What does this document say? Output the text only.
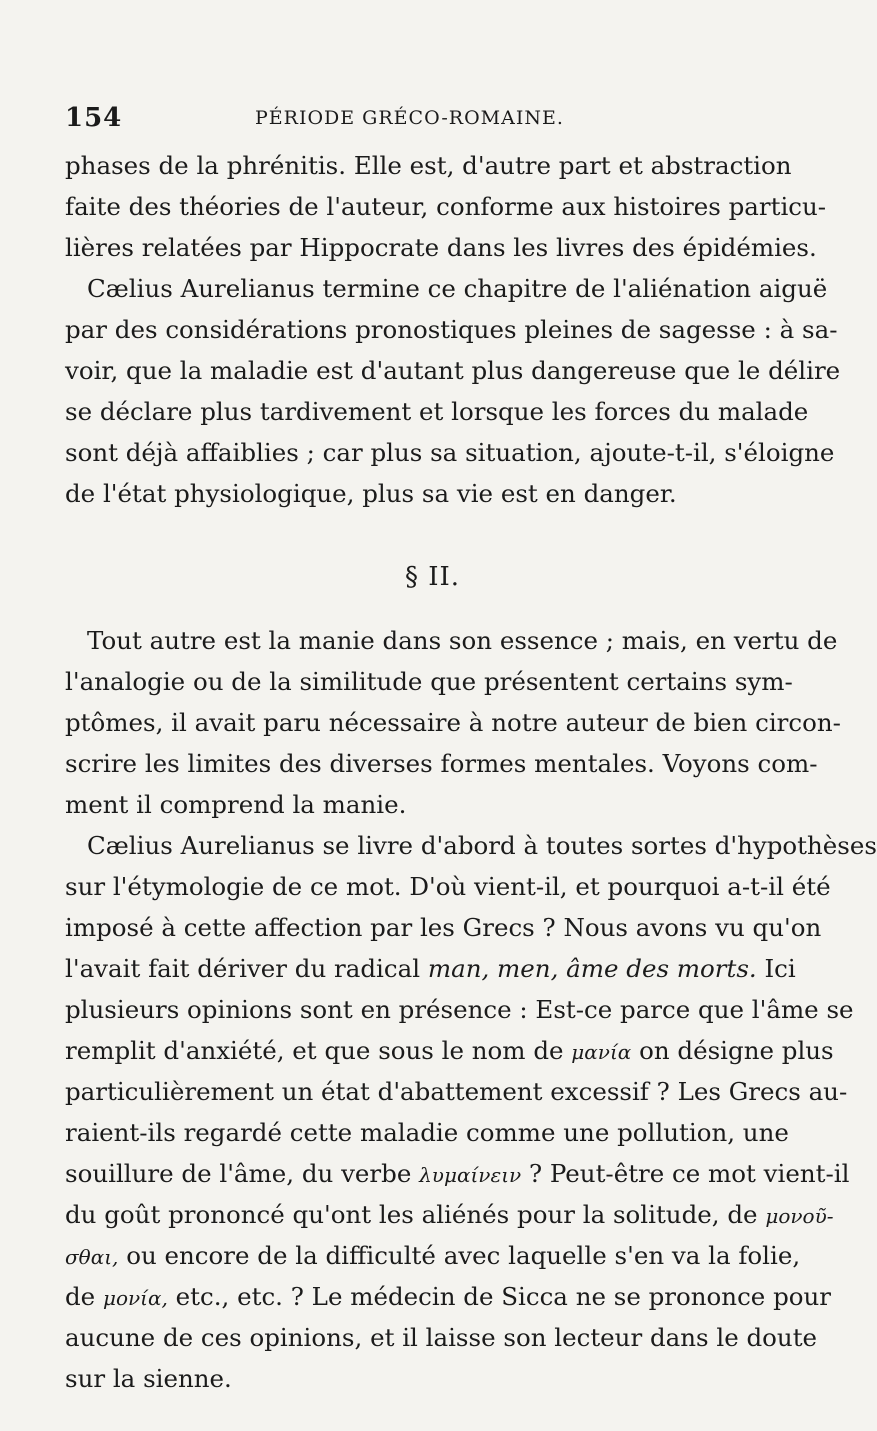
154	PÉRIODE GRÉCO-ROMAINE.
phases de la phrénitis. Elle est, d'autre part et abstraction
faite des théories de l'auteur, conforme aux histoires particu-
lières relatées par Hippocrate dans les livres des épidémies.
Cælius Aurelianus termine ce chapitre de l'aliénation aiguë
par des considérations pronostiques pleines de sagesse : à sa-
voir, que la maladie est d'autant plus dangereuse que le délire
se déclare plus tardivement et lorsque les forces du malade
sont déjà affaiblies ; car plus sa situation, ajoute-t-il, s'éloigne
de l'état physiologique, plus sa vie est en danger.
§ II.
Tout autre est la manie dans son essence ; mais, en vertu de
l'analogie ou de la similitude que présentent certains sym-
ptômes, il avait paru nécessaire à notre auteur de bien circon-
scrire les limites des diverses formes mentales. Voyons com-
ment il comprend la manie.
Cælius Aurelianus se livre d'abord à toutes sortes d'hypothèses
sur l'étymologie de ce mot. D'où vient-il, et pourquoi a-t-il été
imposé à cette affection par les Grecs ? Nous avons vu qu'on
l'avait fait dériver du radical man, men, âme des morts. Ici
plusieurs opinions sont en présence : Est-ce parce que l'âme se
remplit d'anxiété, et que sous le nom de μανία on désigne plus
particulièrement un état d'abattement excessif ? Les Grecs au-
raient-ils regardé cette maladie comme une pollution, une
souillure de l'âme, du verbe λυμαίνειν ? Peut-être ce mot vient-il
du goût prononcé qu'ont les aliénés pour la solitude, de μονοῦ-
σθαι, ou encore de la difficulté avec laquelle s'en va la folie,
de μονία, etc., etc. ? Le médecin de Sicca ne se prononce pour
aucune de ces opinions, et il laisse son lecteur dans le doute
sur la sienne.
